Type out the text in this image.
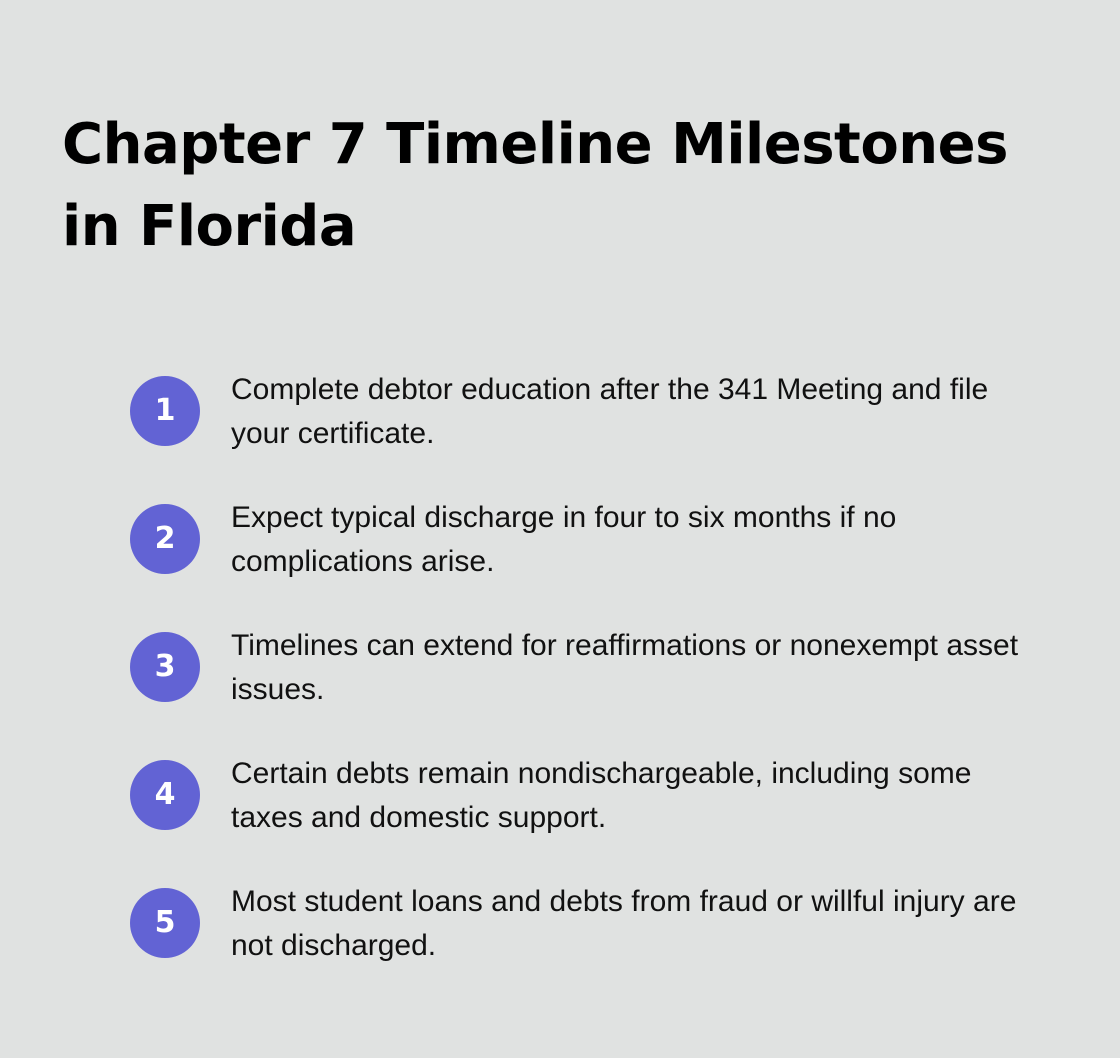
Chapter 7 Timeline Milestones in Florida
1

Complete debtor education after the 341 Meeting and file your certificate.

2

Expect typical discharge in four to six months if no complications arise.

3

Timelines can extend for reaffirmations or nonexempt asset issues.

4

Certain debts remain nondischargeable, including some taxes and domestic support.

5

Most student loans and debts from fraud or willful injury are not discharged.
